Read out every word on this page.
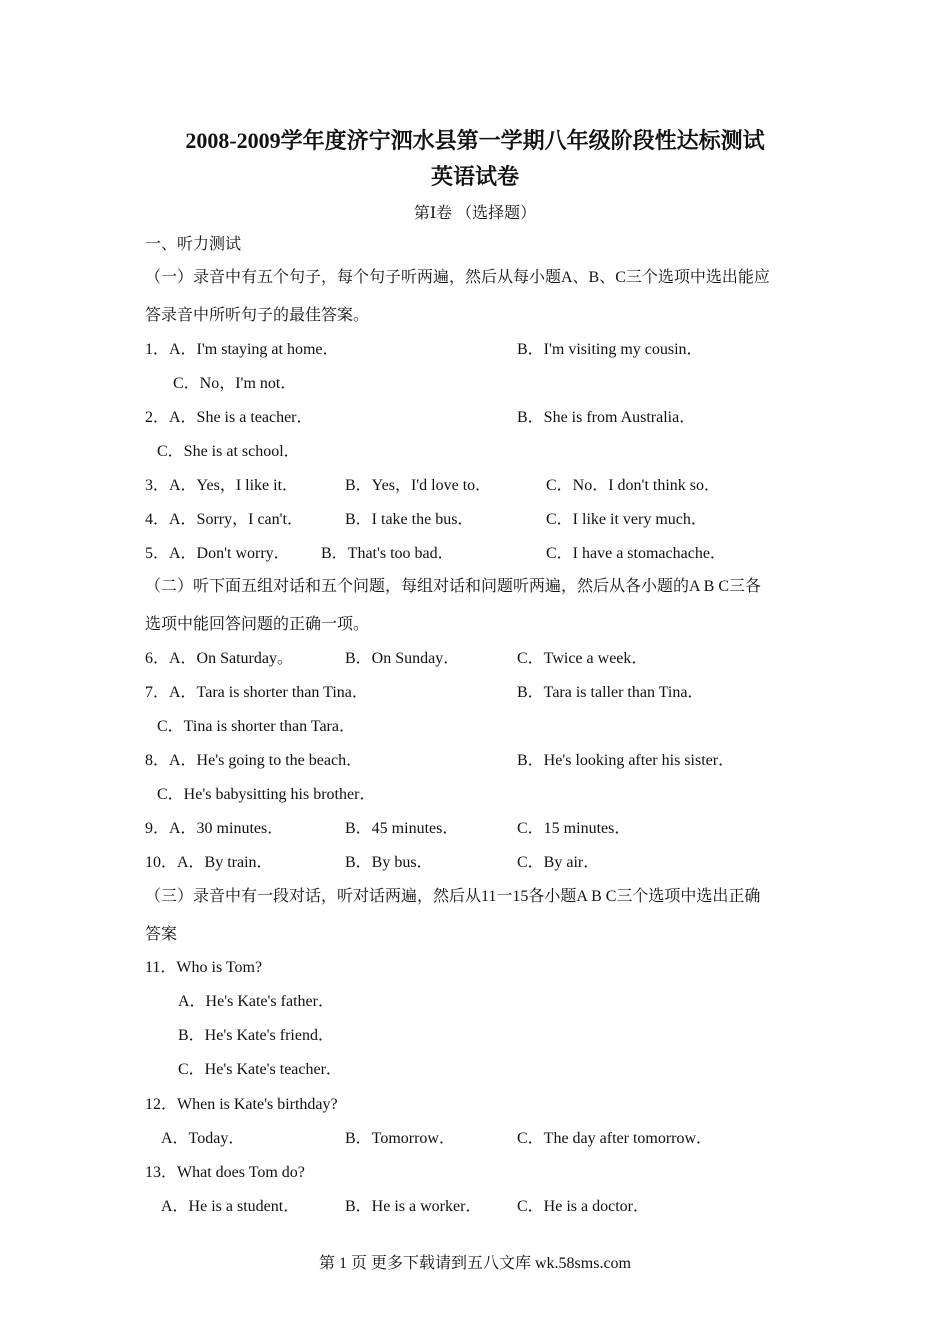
2008-2009学年度济宁泗水县第一学期八年级阶段性达标测试
英语试卷
第Ⅰ卷 （选择题）
一、听力测试
（一）录音中有五个句子，每个句子听两遍，然后从每小题A、B、C三个选项中选出能应
答录音中所听句子的最佳答案。
1．A．I'm staying at home．	B．I'm visiting my cousin．
C．No，I'm not．
2．A．She is a teacher．	B．She is from Australia．
C．She is at school．
3．A．Yes，I like it．	B．Yes，I'd love to．	C．No．I don't think so．
4．A．Sorry，I can't．	B．I take the bus．	C．I like it very much．
5．A．Don't worry． B．That's too bad．	C．I have a stomachache．
（二）听下面五组对话和五个问题，每组对话和问题听两遍，然后从各小题的A B C三各
选项中能回答问题的正确一项。
6．A．On Saturday。	B．On Sunday．	C．Twice a week．
7．A．Tara is shorter than Tina．	B．Tara is taller than Tina．
C．Tina is shorter than Tara．
8．A．He's going to the beach．	B．He's looking after his sister．
C．He's babysitting his brother．
9．A．30 minutes．	B．45 minutes．	C．15 minutes．
10．A．By train．	B．By bus．	C．By air．
（三）录音中有一段对话，听对话两遍，然后从11一15各小题A B C三个选项中选出正确
答案
11．Who is Tom?
A．He's Kate's father．
B．He's Kate's friend．
C．He's Kate's teacher．
12．When is Kate's birthday?
A．Today．	B．Tomorrow．	C．The day after tomorrow．
13．What does Tom do?
A．He is a student．	B．He is a worker． C．He is a doctor．
第 1 页 更多下载请到五八文库 wk.58sms.com
